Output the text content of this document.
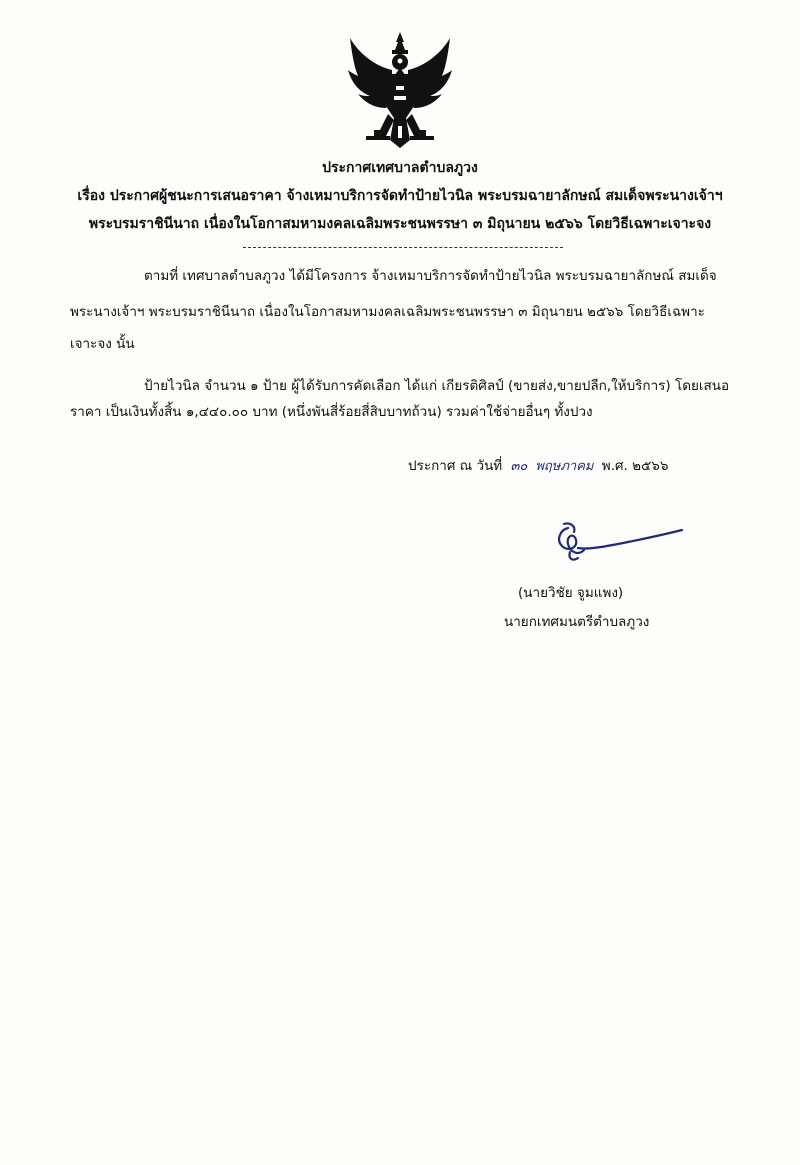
ประกาศเทศบาลตำบลภูวง
เรื่อง ประกาศผู้ชนะการเสนอราคา จ้างเหมาบริการจัดทำป้ายไวนิล พระบรมฉายาลักษณ์ สมเด็จพระนางเจ้าฯ
พระบรมราชินีนาถ เนื่องในโอกาสมหามงคลเฉลิมพระชนพรรษา ๓ มิถุนายน ๒๕๖๖ โดยวิธีเฉพาะเจาะจง
ตามที่ เทศบาลตำบลภูวง ได้มีโครงการ จ้างเหมาบริการจัดทำป้ายไวนิล พระบรมฉายาลักษณ์ สมเด็จ
พระนางเจ้าฯ พระบรมราชินีนาถ เนื่องในโอกาสมหามงคลเฉลิมพระชนพรรษา ๓ มิถุนายน ๒๕๖๖ โดยวิธีเฉพาะ
เจาะจง นั้น
ป้ายไวนิล จำนวน ๑ ป้าย ผู้ได้รับการคัดเลือก ได้แก่ เกียรติศิลป์ (ขายส่ง,ขายปลีก,ให้บริการ) โดยเสนอ
ราคา เป็นเงินทั้งสิ้น ๑,๔๔๐.๐๐ บาท (หนึ่งพันสี่ร้อยสี่สิบบาทถ้วน) รวมค่าใช้จ่ายอื่นๆ ทั้งปวง
ประกาศ ณ วันที่ ๓๐ พฤษภาคม พ.ศ. ๒๕๖๖
(นายวิชัย จูมแพง)
นายกเทศมนตรีตำบลภูวง
